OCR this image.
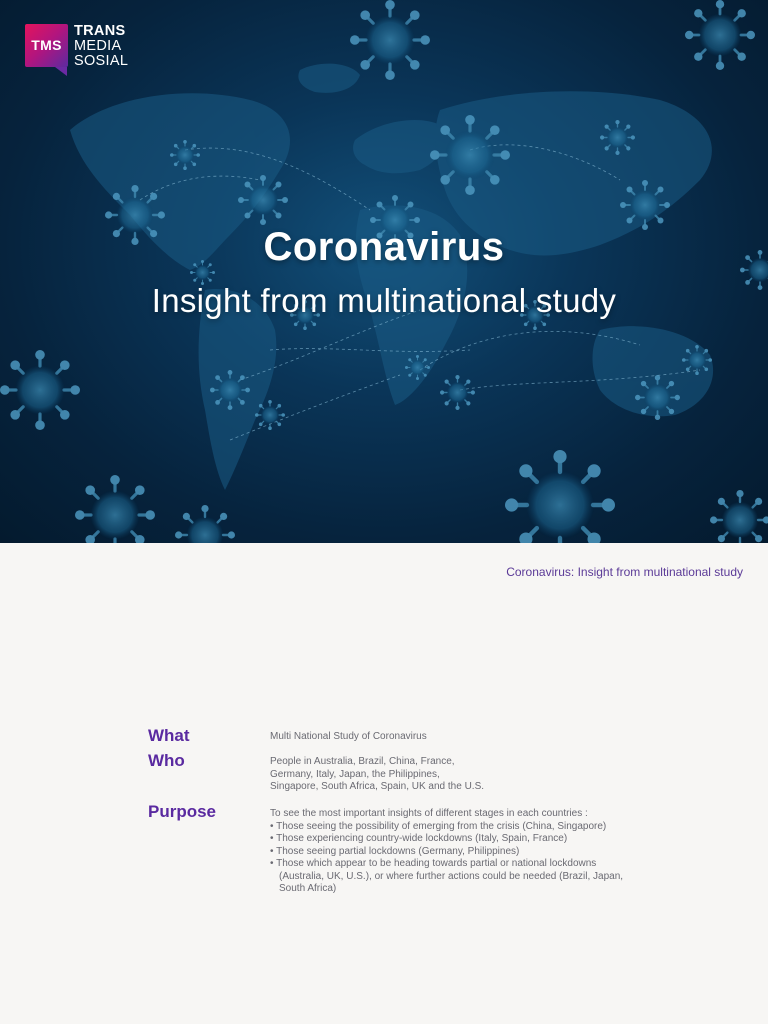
TMS
TRANS
MEDIA
SOSIAL
Coronavirus
Insight from multinational study
Coronavirus: Insight from multinational study
What	Multi National Study of Coronavirus
Who	People in Australia, Brazil, China, France,
Germany, Italy, Japan, the Philippines,
Singapore, South Africa, Spain, UK and the U.S.
Purpose	To see the most important insights of different stages in each countries :
• Those seeing the possibility of emerging from the crisis (China, Singapore)
• Those experiencing country-wide lockdowns (Italy, Spain, France)
• Those seeing partial lockdowns (Germany, Philippines)
• Those which appear to be heading towards partial or national lockdowns (Australia, UK, U.S.), or where further actions could be needed (Brazil, Japan, South Africa)
